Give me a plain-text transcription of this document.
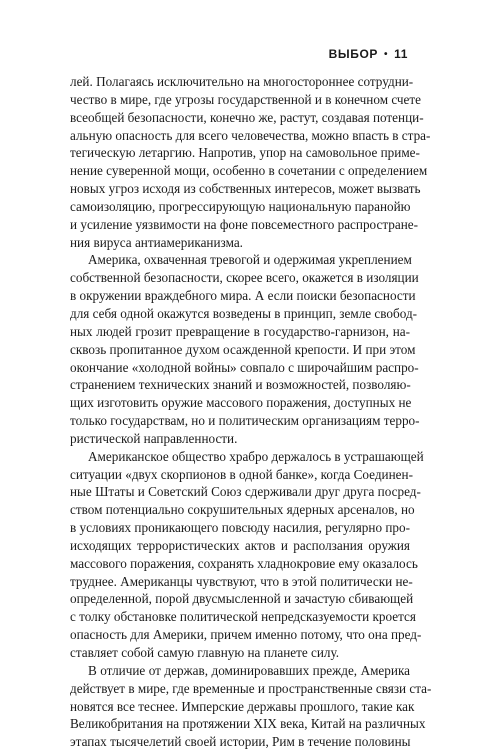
ВЫБОР • 11

лей. Полагаясь исключительно на многостороннее сотрудни-
чество в мире, где угрозы государственной и в конечном счете
всеобщей безопасности, конечно же, растут, создавая потенци-
альную опасность для всего человечества, можно впасть в стра-
тегическую летаргию. Напротив, упор на самовольное приме-
нение суверенной мощи, особенно в сочетании с определением
новых угроз исходя из собственных интересов, может вызвать
самоизоляцию, прогрессирующую национальную паранойю
и усиление уязвимости на фоне повсеместного распростране-
ния вируса антиамериканизма.

Америка, охваченная тревогой и одержимая укреплением
собственной безопасности, скорее всего, окажется в изоляции
в окружении враждебного мира. А если поиски безопасности
для себя одной окажутся возведены в принцип, земле свобод-
ных людей грозит превращение в государство-гарнизон, на-
сквозь пропитанное духом осажденной крепости. И при этом
окончание «холодной войны» совпало с широчайшим распро-
странением технических знаний и возможностей, позволяю-
щих изготовить оружие массового поражения, доступных не
только государствам, но и политическим организациям терро-
ристической направленности.

Американское общество храбро держалось в устрашающей
ситуации «двух скорпионов в одной банке», когда Соединен-
ные Штаты и Советский Союз сдерживали друг друга посред-
ством потенциально сокрушительных ядерных арсеналов, но
в условиях проникающего повсюду насилия, регулярно про-
исходящих террористических актов и расползания оружия
массового поражения, сохранять хладнокровие ему оказалось
труднее. Американцы чувствуют, что в этой политически не-
определенной, порой двусмысленной и зачастую сбивающей
с толку обстановке политической непредсказуемости кроется
опасность для Америки, причем именно потому, что она пред-
ставляет собой самую главную на планете силу.

В отличие от держав, доминировавших прежде, Америка
действует в мире, где временные и пространственные связи ста-
новятся все теснее. Имперские державы прошлого, такие как
Великобритания на протяжении XIX века, Китай на различных
этапах тысячелетий своей истории, Рим в течение половины
